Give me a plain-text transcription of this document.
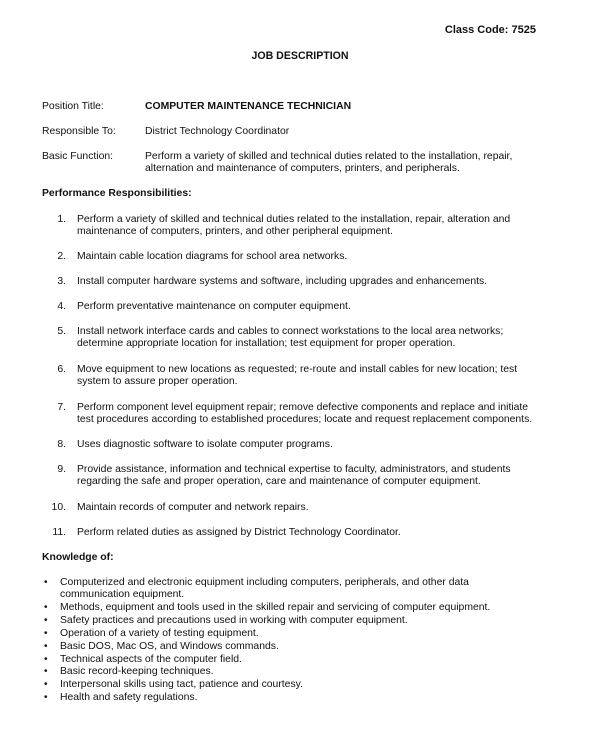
Class Code: 7525
JOB DESCRIPTION
Position Title:	COMPUTER MAINTENANCE TECHNICIAN
Responsible To:	District Technology Coordinator
Basic Function:	Perform a variety of skilled and technical duties related to the installation, repair, alternation and maintenance of computers, printers, and peripherals.
Performance Responsibilities:
1. Perform a variety of skilled and technical duties related to the installation, repair, alteration and maintenance of computers, printers, and other peripheral equipment.
2. Maintain cable location diagrams for school area networks.
3. Install computer hardware systems and software, including upgrades and enhancements.
4. Perform preventative maintenance on computer equipment.
5. Install network interface cards and cables to connect workstations to the local area networks; determine appropriate location for installation; test equipment for proper operation.
6. Move equipment to new locations as requested; re-route and install cables for new location; test system to assure proper operation.
7. Perform component level equipment repair; remove defective components and replace and initiate test procedures according to established procedures; locate and request replacement components.
8. Uses diagnostic software to isolate computer programs.
9. Provide assistance, information and technical expertise to faculty, administrators, and students regarding the safe and proper operation, care and maintenance of computer equipment.
10. Maintain records of computer and network repairs.
11. Perform related duties as assigned by District Technology Coordinator.
Knowledge of:
• Computerized and electronic equipment including computers, peripherals, and other data communication equipment.
• Methods, equipment and tools used in the skilled repair and servicing of computer equipment.
• Safety practices and precautions used in working with computer equipment.
• Operation of a variety of testing equipment.
• Basic DOS, Mac OS, and Windows commands.
• Technical aspects of the computer field.
• Basic record-keeping techniques.
• Interpersonal skills using tact, patience and courtesy.
• Health and safety regulations.
